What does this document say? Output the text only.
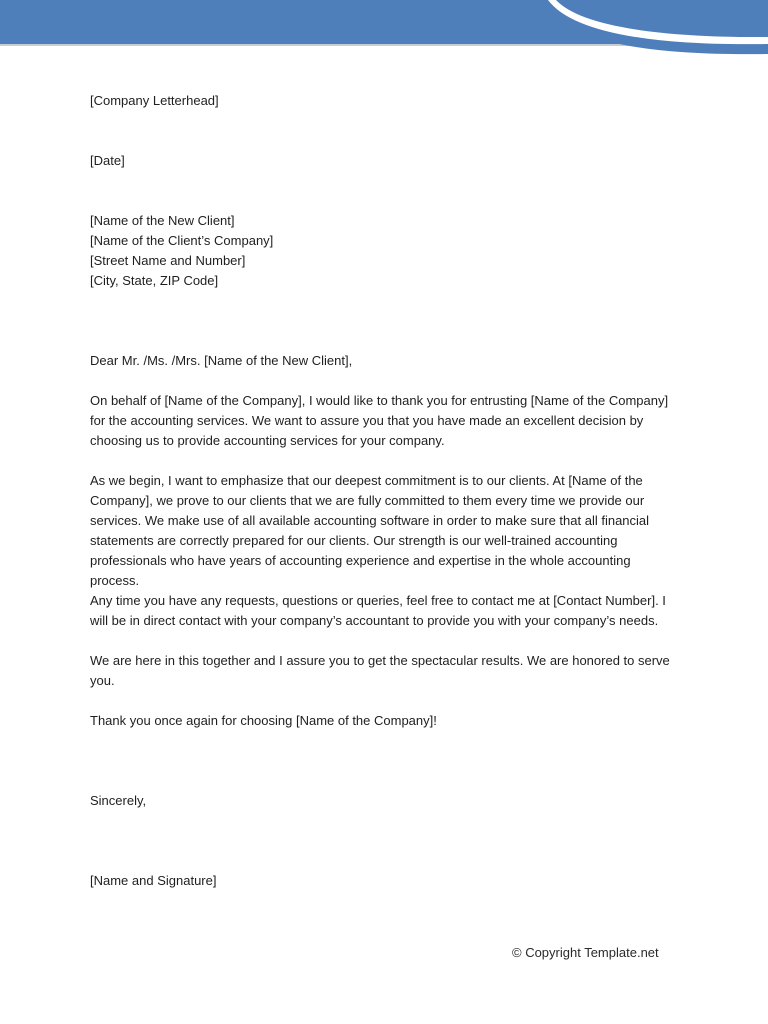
[Company Letterhead]

[Date]

[Name of the New Client]

[Name of the Client’s Company]

[Street Name and Number]

[City, State, ZIP Code]

Dear Mr. /Ms. /Mrs. [Name of the New Client],

On behalf of [Name of the Company], I would like to thank you for entrusting [Name of the Company] for the accounting services. We want to assure you that you have made an excellent decision by choosing us to provide accounting services for your company.

As we begin, I want to emphasize that our deepest commitment is to our clients. At [Name of the Company], we prove to our clients that we are fully committed to them every time we provide our services. We make use of all available accounting software in order to make sure that all financial statements are correctly prepared for our clients. Our strength is our well-trained accounting professionals who have years of accounting experience and expertise in the whole accounting process.

Any time you have any requests, questions or queries, feel free to contact me at [Contact Number]. I will be in direct contact with your company’s accountant to provide you with your company’s needs.

We are here in this together and I assure you to get the spectacular results. We are honored to serve you.

Thank you once again for choosing [Name of the Company]!

Sincerely,

[Name and Signature]

© Copyright Template.net
